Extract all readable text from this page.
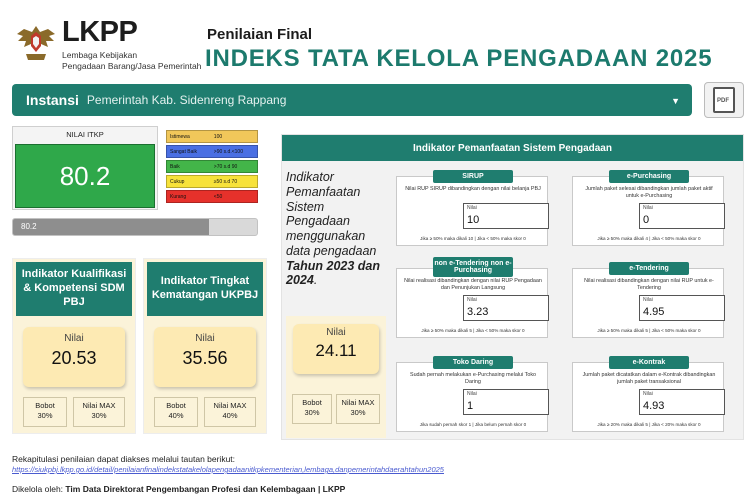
LKPP
Lembaga Kebijakan
Pengadaan Barang/Jasa Pemerintah
Penilaian Final
INDEKS TATA KELOLA PENGADAAN 2025
Instansi Pemerintah Kab. Sidenreng Rappang	▼	PDF
NILAI ITKP
80.2
Istimewa	100
Sangat Baik	>90 s.d.<100
Baik	>70 s.d 90
Cukup	≥50 s.d 70
Kurang	<50
80.2
Indikator Kualifikasi & Kompetensi SDM PBJ
Nilai
20.53
Bobot
30%
Nilai MAX
30%
Indikator Tingkat Kematangan UKPBJ
Nilai
35.56
Bobot
40%
Nilai MAX
40%
Indikator Pemanfaatan Sistem Pengadaan
Indikator Pemanfaatan Sistem Pengadaan menggunakan data pengadaan Tahun 2023 dan 2024.
Nilai
24.11
Bobot
30%
Nilai MAX
30%
SIRUP
Nilai RUP SIRUP dibandingkan dengan nilai belanja PBJ
Nilai
10
Jika ≥ 50% maka dikali 10 | Jika < 50% maka skor 0
e-Purchasing
Jumlah paket selesai dibandingkan jumlah paket aktif untuk e-Purchasing
Nilai
0
Jika ≥ 50% maka dikali 4 | Jika < 50% maka skor 0
non e-Tendering non e-Purchasing
Nilai realisasi dibandingkan dengan nilai RUP Pengadaan dan Penunjukan Langsung
Nilai
3.23
Jika ≥ 50% maka dikali 5 | Jika < 50% maka skor 0
e-Tendering
Nilai realisasi dibandingkan dengan nilai RUP untuk e-Tendering
Nilai
4.95
Jika ≥ 50% maka dikali 5 | Jika < 50% maka skor 0
Toko Daring
Sudah pernah melakukan e-Purchasing melalui Toko Daring
Nilai
1
Jika sudah pernah skor 1 | Jika belum pernah skor 0
e-Kontrak
Jumlah paket dicatatkan dalam e-Kontrak dibandingkan jumlah paket transaksional
Nilai
4.93
Jika ≥ 20% maka dikali 5 | Jika < 20% maka skor 0
Rekapitulasi penilaian dapat diakses melalui tautan berikut:
https://siukpbj.lkpp.go.id/detail/penilaianfinalindekstatakelolapengadaanitkpkementerian,lembaga,danpemerintahdaerahtahun2025
Dikelola oleh: Tim Data Direktorat Pengembangan Profesi dan Kelembagaan | LKPP
